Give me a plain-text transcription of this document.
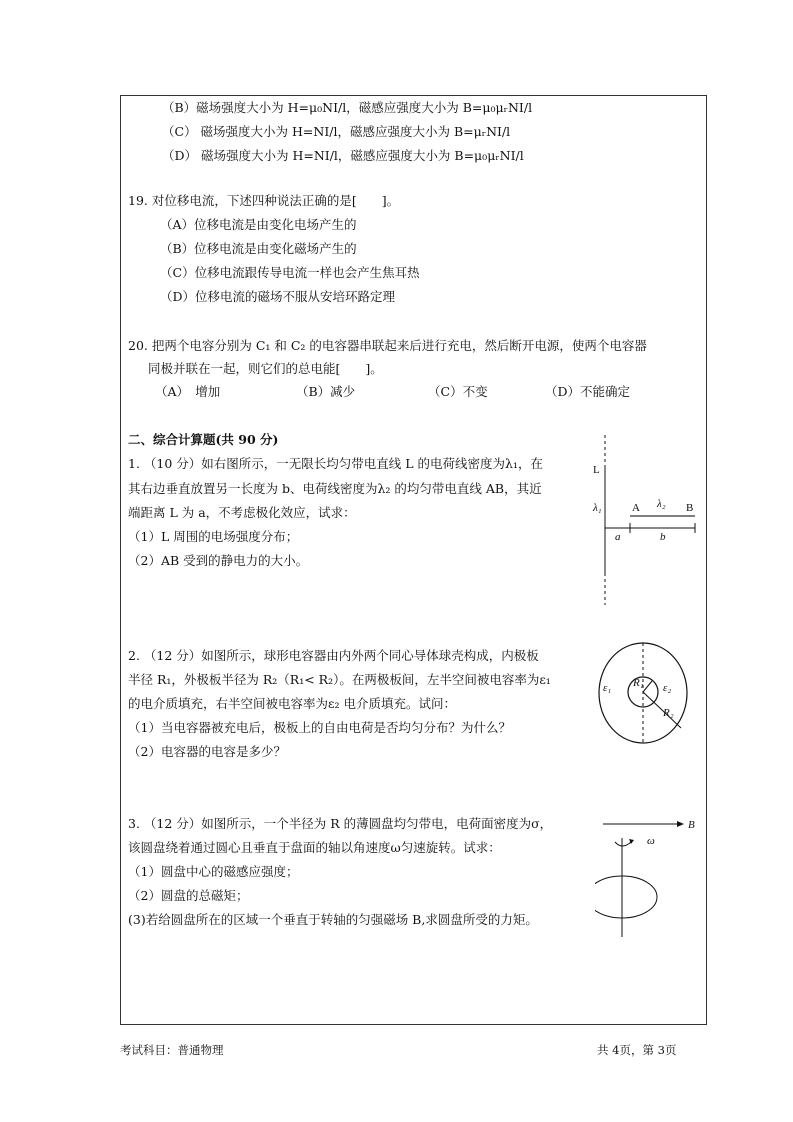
（B）磁场强度大小为 H=μ₀NI/l，磁感应强度大小为 B=μ₀μᵣNI/l
（C） 磁场强度大小为 H=NI/l，磁感应强度大小为 B=μᵣNI/l
（D） 磁场强度大小为 H=NI/l，磁感应强度大小为 B=μ₀μᵣNI/l
19. 对位移电流，下述四种说法正确的是[　　]。
（A）位移电流是由变化电场产生的
（B）位移电流是由变化磁场产生的
（C）位移电流跟传导电流一样也会产生焦耳热
（D）位移电流的磁场不服从安培环路定理
20. 把两个电容分别为 C₁ 和 C₂ 的电容器串联起来后进行充电，然后断开电源，使两个电容器
同极并联在一起，则它们的总电能[　　]。
（A）　增加	（B）减少	（C）不变	（D）不能确定
二、综合计算题(共 90 分)
1. （10 分）如右图所示，一无限长均匀带电直线 L 的电荷线密度为λ₁，在
其右边垂直放置另一长度为 b、电荷线密度为λ₂ 的均匀带电直线 AB，其近
端距离 L 为 a，不考虑极化效应，试求：
（1）L 周围的电场强度分布；
（2）AB 受到的静电力的大小。
L
λ₁	A	B
λ₂
a	b
2. （12 分）如图所示，球形电容器由内外两个同心导体球壳构成，内极板
半径 R₁，外极板半径为 R₂（R₁< R₂）。在两极板间，左半空间被电容率为ε₁
的电介质填充，右半空间被电容率为ε₂ 电介质填充。试问：
（1）当电容器被充电后，极板上的自由电荷是否均匀分布？为什么？
（2）电容器的电容是多少？
ε₁	ε₂
R₁
R₂
3. （12 分）如图所示，一个半径为 R 的薄圆盘均匀带电，电荷面密度为σ，
该圆盘绕着通过圆心且垂直于盘面的轴以角速度ω匀速旋转。试求：
（1）圆盘中心的磁感应强度；
（2）圆盘的总磁矩；
(3)若给圆盘所在的区域一个垂直于转轴的匀强磁场 B,求圆盘所受的力矩。
B
ω
考试科目：普通物理	共 4页，第 3页
